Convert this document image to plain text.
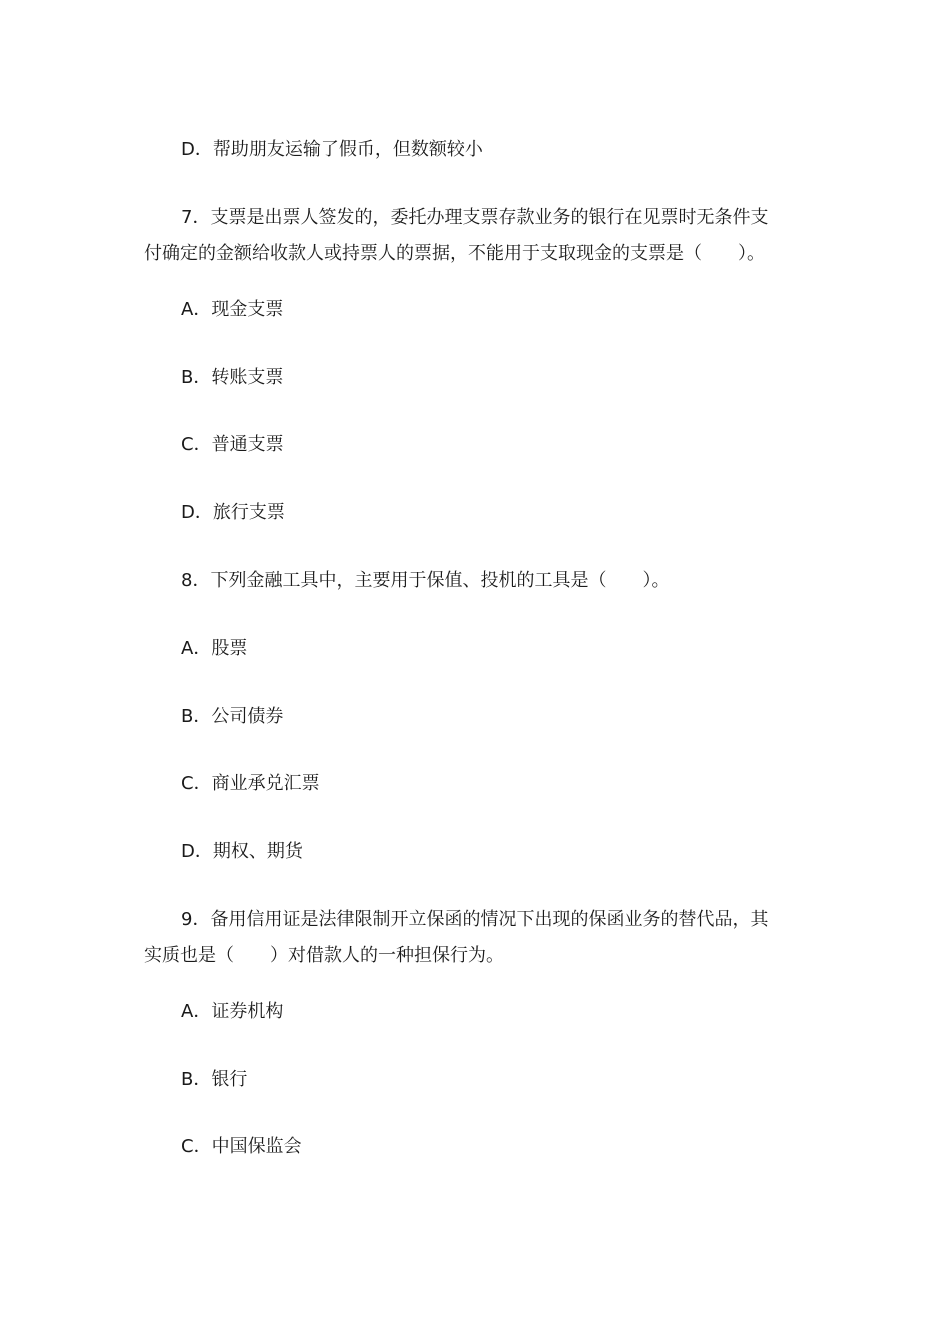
D．帮助朋友运输了假币，但数额较小
7．支票是出票人签发的，委托办理支票存款业务的银行在见票时无条件支
付确定的金额给收款人或持票人的票据，不能用于支取现金的支票是（　　）。
A．现金支票
B．转账支票
C．普通支票
D．旅行支票
8．下列金融工具中，主要用于保值、投机的工具是（　　）。
A．股票
B．公司债券
C．商业承兑汇票
D．期权、期货
9．备用信用证是法律限制开立保函的情况下出现的保函业务的替代品，其
实质也是（　　）对借款人的一种担保行为。
A．证券机构
B．银行
C．中国保监会
